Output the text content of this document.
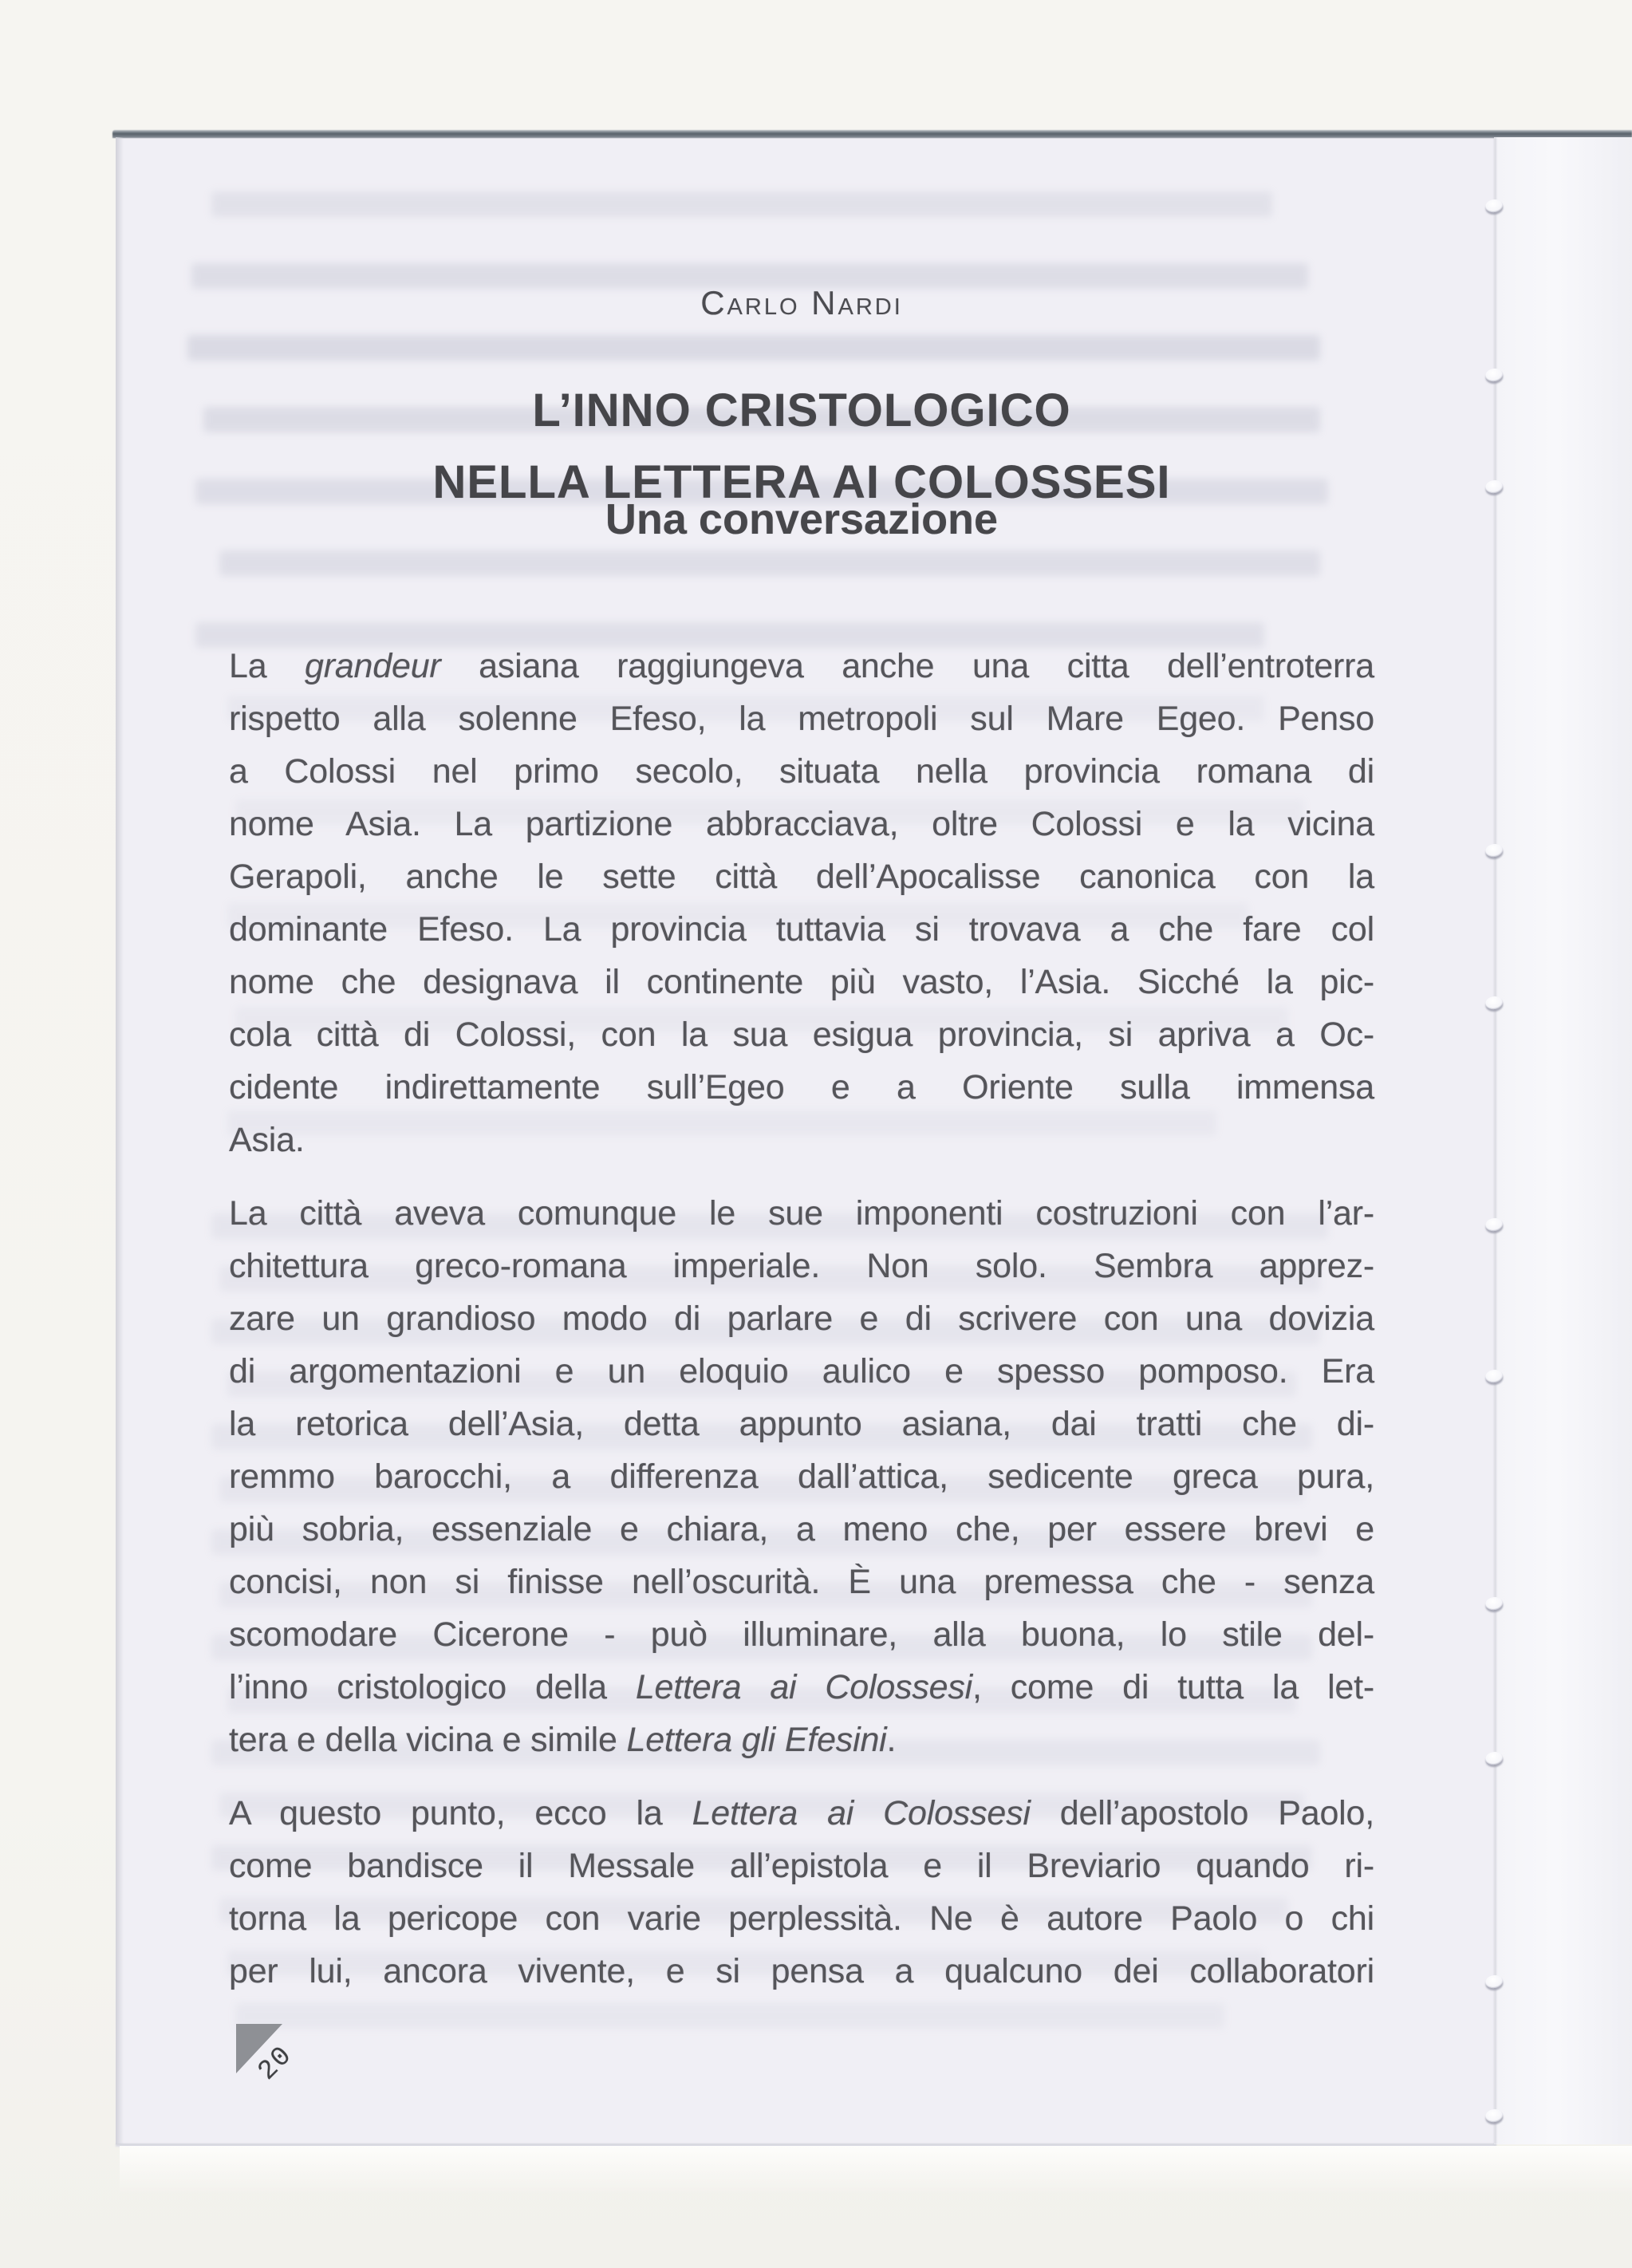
Carlo Nardi
L’INNO CRISTOLOGICO
NELLA LETTERA AI COLOSSESI
Una conversazione
La grandeur asiana raggiungeva anche una citta dell’entroterra
rispetto alla solenne Efeso, la metropoli sul Mare Egeo. Penso
a Colossi nel primo secolo, situata nella provincia romana di
nome Asia. La partizione abbracciava, oltre Colossi e la vicina
Gerapoli, anche le sette città dell’Apocalisse canonica con la
dominante Efeso. La provincia tuttavia si trovava a che fare col
nome che designava il continente più vasto, l’Asia. Sicché la pic-
cola città di Colossi, con la sua esigua provincia, si apriva a Oc-
cidente indirettamente sull’Egeo e a Oriente sulla immensa
Asia.
La città aveva comunque le sue imponenti costruzioni con l’ar-
chitettura greco-romana imperiale. Non solo. Sembra apprez-
zare un grandioso modo di parlare e di scrivere con una dovizia
di argomentazioni e un eloquio aulico e spesso pomposo. Era
la retorica dell’Asia, detta appunto asiana, dai tratti che di-
remmo barocchi, a differenza dall’attica, sedicente greca pura,
più sobria, essenziale e chiara, a meno che, per essere brevi e
concisi, non si finisse nell’oscurità. È una premessa che - senza
scomodare Cicerone - può illuminare, alla buona, lo stile del-
l’inno cristologico della Lettera ai Colossesi, come di tutta la let-
tera e della vicina e simile Lettera gli Efesini.
A questo punto, ecco la Lettera ai Colossesi dell’apostolo Paolo,
come bandisce il Messale all’epistola e il Breviario quando ri-
torna la pericope con varie perplessità. Ne è autore Paolo o chi
per lui, ancora vivente, e si pensa a qualcuno dei collaboratori
20
